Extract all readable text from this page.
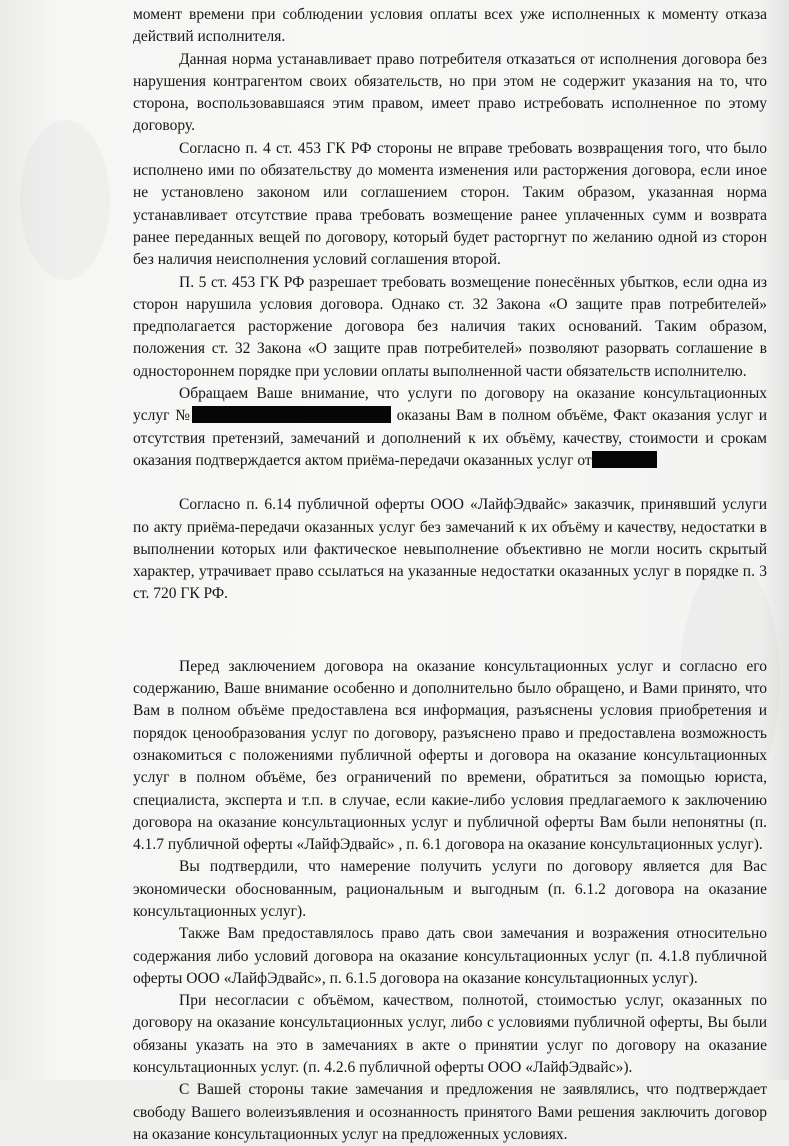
момент времени при соблюдении условия оплаты всех уже исполненных к моменту отказа действий исполнителя.

Данная норма устанавливает право потребителя отказаться от исполнения договора без нарушения контрагентом своих обязательств, но при этом не содержит указания на то, что сторона, воспользовавшаяся этим правом, имеет право истребовать исполненное по этому договору.

Согласно п. 4 ст. 453 ГК РФ стороны не вправе требовать возвращения того, что было исполнено ими по обязательству до момента изменения или расторжения договора, если иное не установлено законом или соглашением сторон. Таким образом, указанная норма устанавливает отсутствие права требовать возмещение ранее уплаченных сумм и возврата ранее переданных вещей по договору, который будет расторгнут по желанию одной из сторон без наличия неисполнения условий соглашения второй.

П. 5 ст. 453 ГК РФ разрешает требовать возмещение понесённых убытков, если одна из сторон нарушила условия договора. Однако ст. 32 Закона «О защите прав потребителей» предполагается расторжение договора без наличия таких оснований. Таким образом, положения ст. 32 Закона «О защите прав потребителей» позволяют разорвать соглашение в одностороннем порядке при условии оплаты выполненной части обязательств исполнителю.

Обращаем Ваше внимание, что услуги по договору на оказание консультационных услуг №	оказаны Вам в полном объёме, Факт оказания услуг и отсутствия претензий, замечаний и дополнений к их объёму, качеству, стоимости и срокам оказания подтверждается актом приёма-передачи оказанных услуг от

Согласно п. 6.14 публичной оферты ООО «ЛайфЭдвайс» заказчик, принявший услуги по акту приёма-передачи оказанных услуг без замечаний к их объёму и качеству, недостатки в выполнении которых или фактическое невыполнение объективно не могли носить скрытый характер, утрачивает право ссылаться на указанные недостатки оказанных услуг в порядке п. 3 ст. 720 ГК РФ.

Перед заключением договора на оказание консультационных услуг и согласно его содержанию, Ваше внимание особенно и дополнительно было обращено, и Вами принято, что Вам в полном объёме предоставлена вся информация, разъяснены условия приобретения и порядок ценообразования услуг по договору, разъяснено право и предоставлена возможность ознакомиться с положениями публичной оферты и договора на оказание консультационных услуг в полном объёме, без ограничений по времени, обратиться за помощью юриста, специалиста, эксперта и т.п. в случае, если какие-либо условия предлагаемого к заключению договора на оказание консультационных услуг и публичной оферты Вам были непонятны (п. 4.1.7 публичной оферты «ЛайфЭдвайс» , п. 6.1 договора на оказание консультационных услуг).

Вы подтвердили, что намерение получить услуги по договору является для Вас экономически обоснованным, рациональным и выгодным (п. 6.1.2 договора на оказание консультационных услуг).

Также Вам предоставлялось право дать свои замечания и возражения относительно содержания либо условий договора на оказание консультационных услуг (п. 4.1.8 публичной оферты ООО «ЛайфЭдвайс», п. 6.1.5 договора на оказание консультационных услуг).

При несогласии с объёмом, качеством, полнотой, стоимостью услуг, оказанных по договору на оказание консультационных услуг, либо с условиями публичной оферты, Вы были обязаны указать на это в замечаниях в акте о принятии услуг по договору на оказание консультационных услуг. (п. 4.2.6 публичной оферты ООО «ЛайфЭдвайс»).

С Вашей стороны такие замечания и предложения не заявлялись, что подтверждает свободу Вашего волеизъявления и осознанность принятого Вами решения заключить договор на оказание консультационных услуг на предложенных условиях.
